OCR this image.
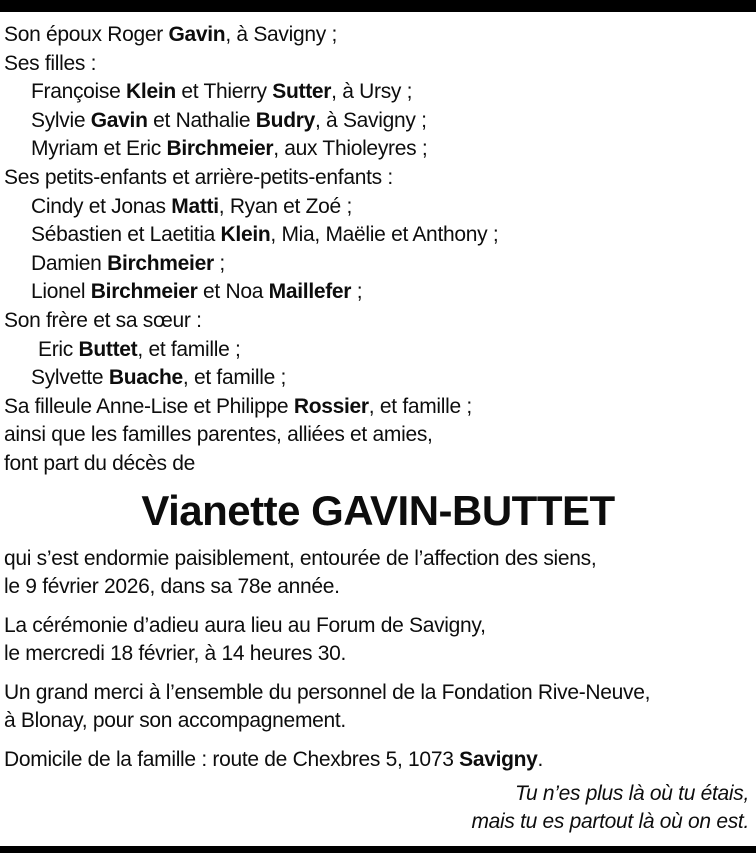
Son époux Roger Gavin, à Savigny ;
Ses filles :
Françoise Klein et Thierry Sutter, à Ursy ;
Sylvie Gavin et Nathalie Budry, à Savigny ;
Myriam et Eric Birchmeier, aux Thioleyres ;
Ses petits-enfants et arrière-petits-enfants :
Cindy et Jonas Matti, Ryan et Zoé ;
Sébastien et Laetitia Klein, Mia, Maëlie et Anthony ;
Damien Birchmeier ;
Lionel Birchmeier et Noa Maillefer ;
Son frère et sa sœur :
Eric Buttet, et famille ;
Sylvette Buache, et famille ;
Sa filleule Anne-Lise et Philippe Rossier, et famille ;
ainsi que les familles parentes, alliées et amies,
font part du décès de
Vianette GAVIN-BUTTET
qui s’est endormie paisiblement, entourée de l’affection des siens,
le 9 février 2026, dans sa 78e année.
La cérémonie d’adieu aura lieu au Forum de Savigny,
le mercredi 18 février, à 14 heures 30.
Un grand merci à l’ensemble du personnel de la Fondation Rive-Neuve,
à Blonay, pour son accompagnement.
Domicile de la famille : route de Chexbres 5, 1073 Savigny.
Tu n’es plus là où tu étais,
mais tu es partout là où on est.
